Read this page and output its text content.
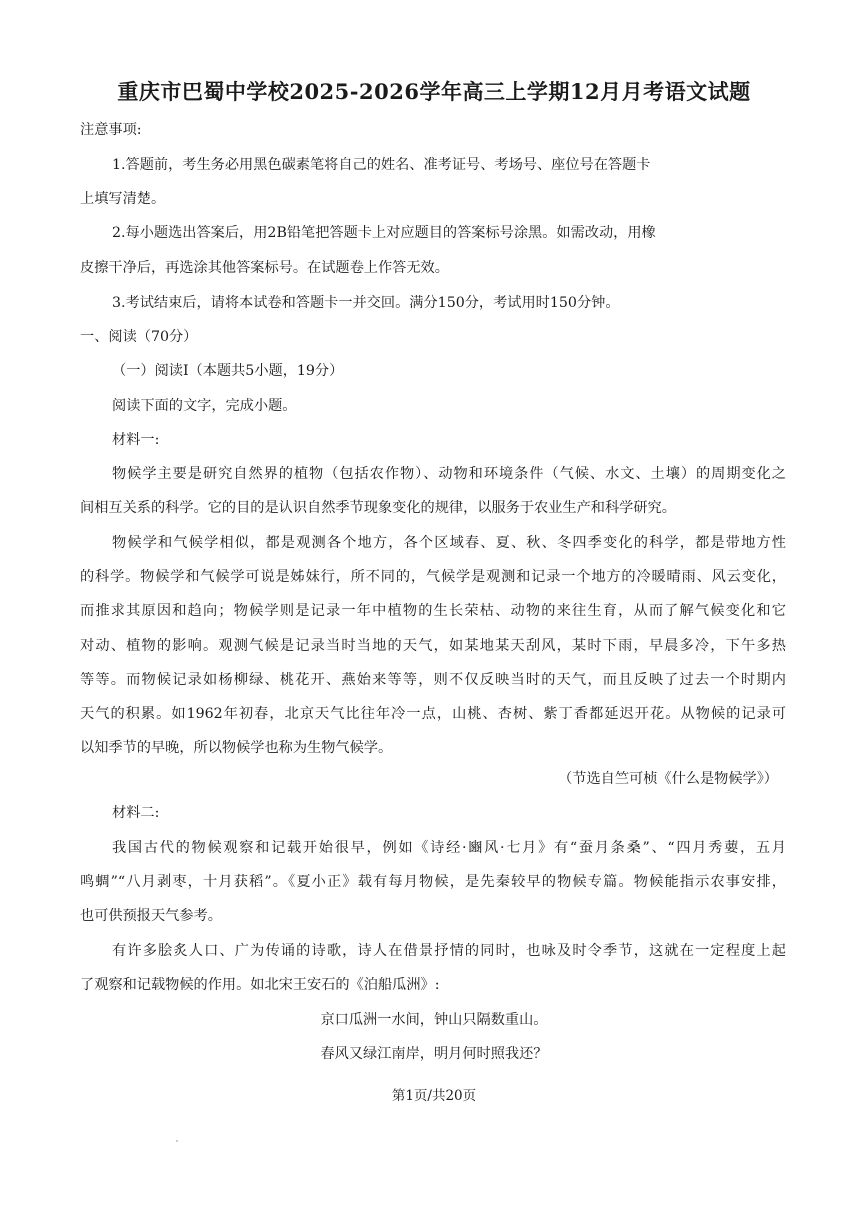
重庆市巴蜀中学校2025-2026学年高三上学期12月月考语文试题
注意事项:
1.答题前，考生务必用黑色碳素笔将自己的姓名、准考证号、考场号、座位号在答题卡
上填写清楚。
2.每小题选出答案后，用2B铅笔把答题卡上对应题目的答案标号涂黑。如需改动，用橡
皮擦干净后，再选涂其他答案标号。在试题卷上作答无效。
3.考试结束后，请将本试卷和答题卡一并交回。满分150分，考试用时150分钟。
一、阅读（70分）
（一）阅读Ⅰ（本题共5小题，19分）
阅读下面的文字，完成小题。
材料一:
物候学主要是研究自然界的植物（包括农作物）、动物和环境条件（气候、水文、土壤）的周期变化之
间相互关系的科学。它的目的是认识自然季节现象变化的规律，以服务于农业生产和科学研究。
物候学和气候学相似，都是观测各个地方，各个区域春、夏、秋、冬四季变化的科学，都是带地方性
的科学。物候学和气候学可说是姊妹行，所不同的，气候学是观测和记录一个地方的冷暖晴雨、风云变化，
而推求其原因和趋向；物候学则是记录一年中植物的生长荣枯、动物的来往生育，从而了解气候变化和它
对动、植物的影响。观测气候是记录当时当地的天气，如某地某天刮风，某时下雨，早晨多冷，下午多热
等等。而物候记录如杨柳绿、桃花开、燕始来等等，则不仅反映当时的天气，而且反映了过去一个时期内
天气的积累。如1962年初春，北京天气比往年冷一点，山桃、杏树、紫丁香都延迟开花。从物候的记录可
以知季节的早晚，所以物候学也称为生物气候学。
（节选自竺可桢《什么是物候学》）
材料二:
我国古代的物候观察和记载开始很早，例如《诗经·豳风·七月》有“蚕月条桑”、“四月秀葽，五月
鸣蜩”“八月剥枣，十月获稻”。《夏小正》载有每月物候，是先秦较早的物候专篇。物候能指示农事安排，
也可供预报天气参考。
有许多脍炙人口、广为传诵的诗歌，诗人在借景抒情的同时，也咏及时令季节，这就在一定程度上起
了观察和记载物候的作用。如北宋王安石的《泊船瓜洲》:
京口瓜洲一水间，钟山只隔数重山。
春风又绿江南岸，明月何时照我还？
第1页/共20页
